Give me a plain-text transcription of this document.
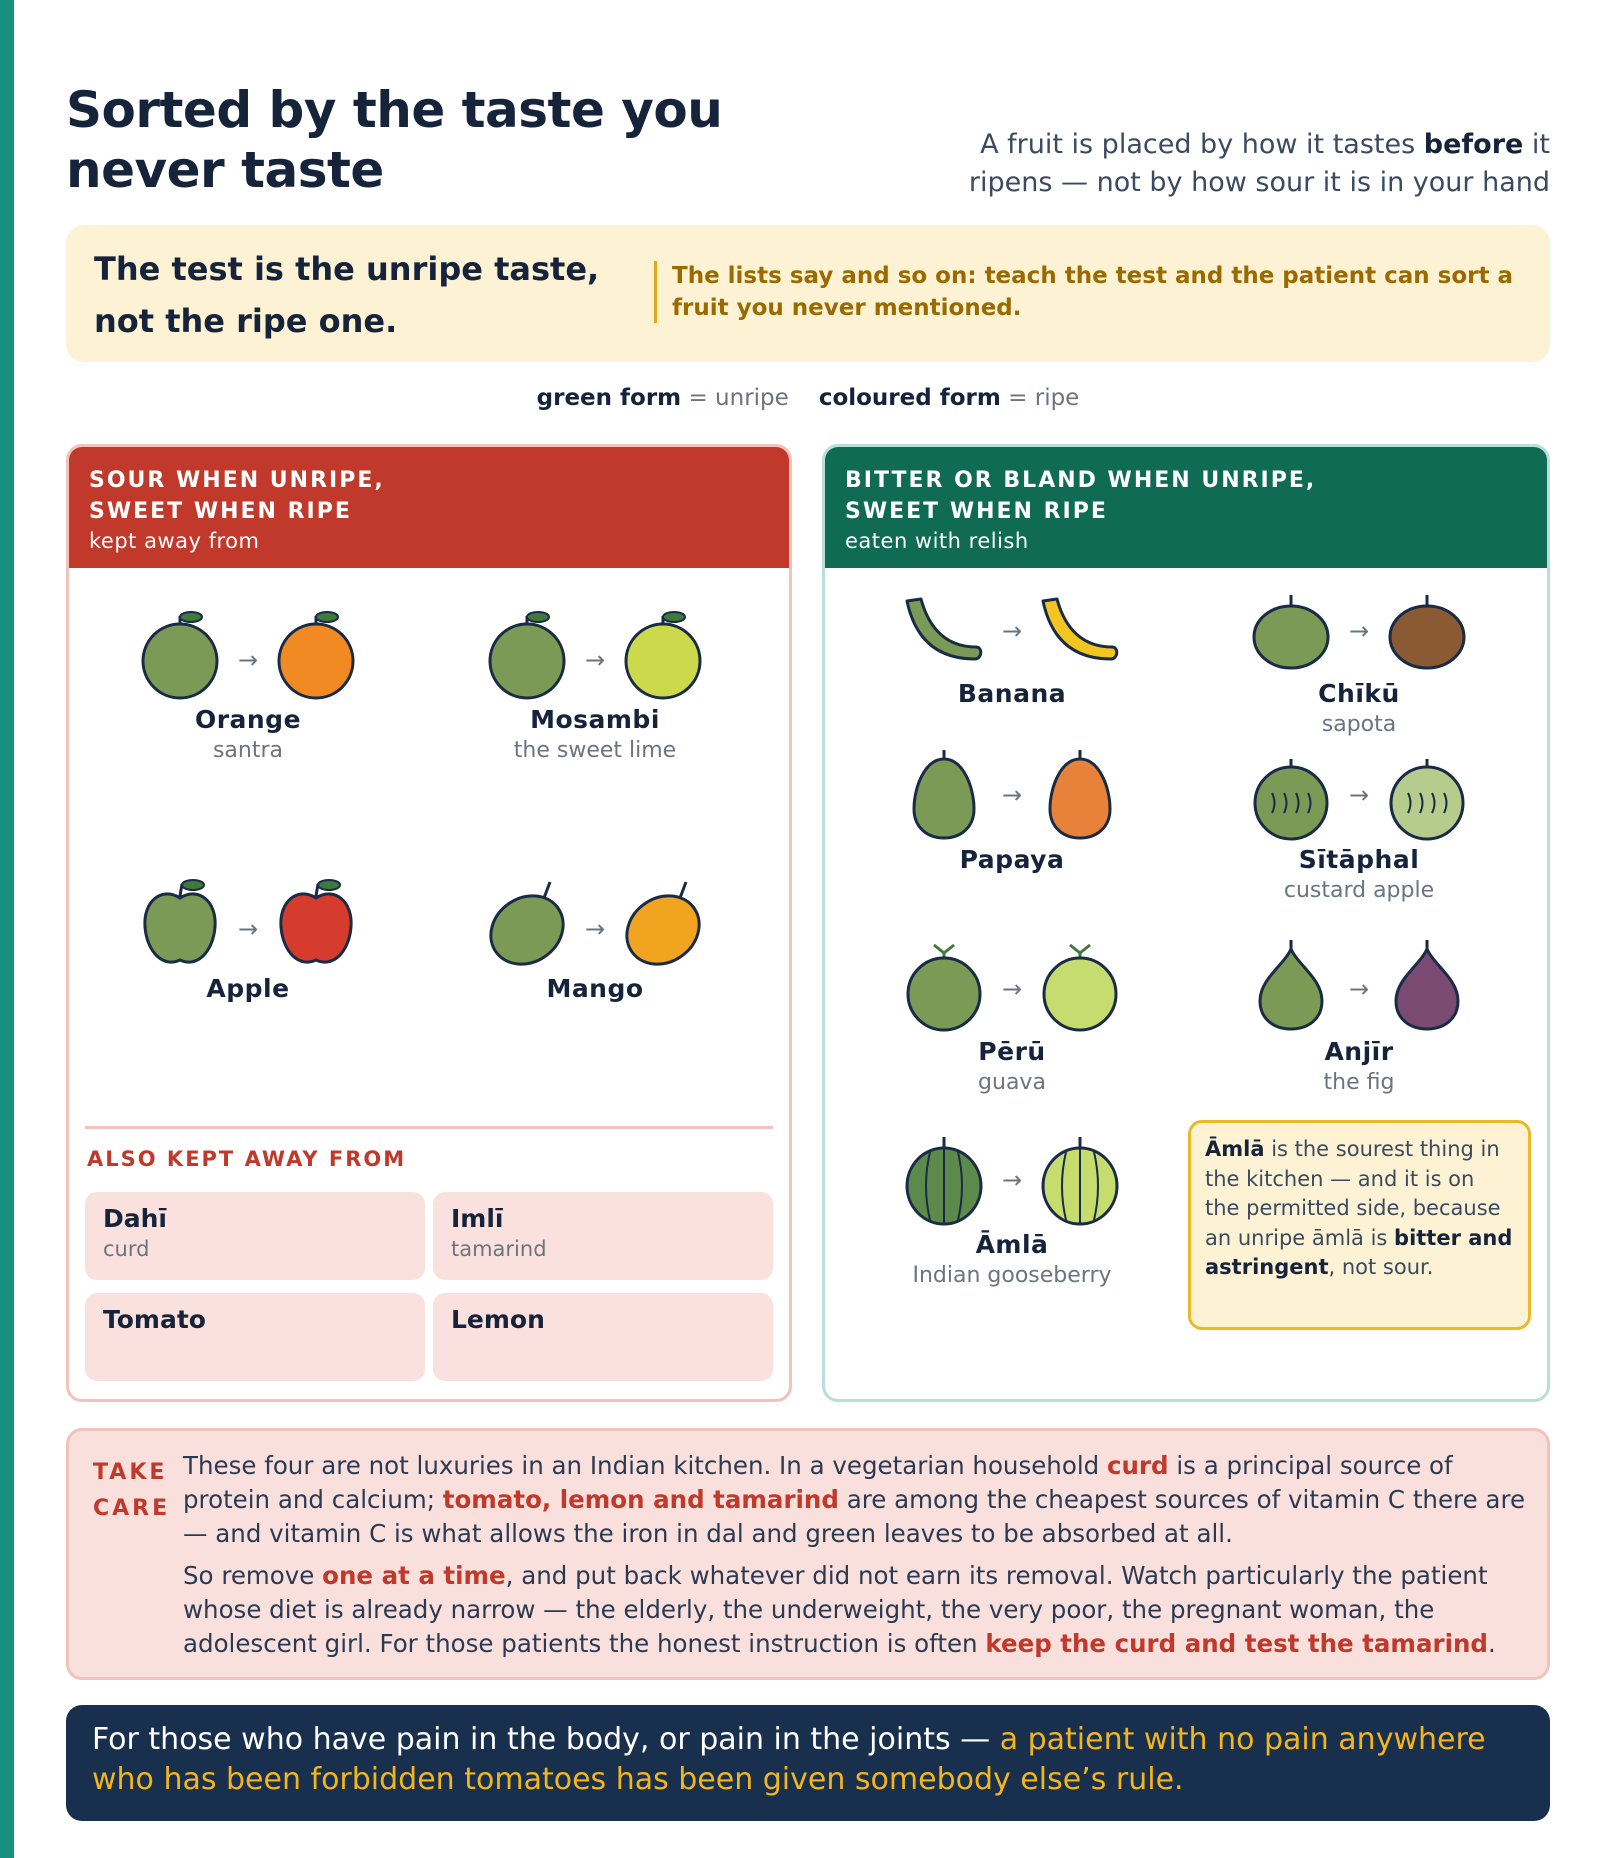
Sorted by the taste you never taste	A fruit is placed by how it tastes before it ripens — not by how sour it is in your hand

The test is the unripe taste, not the ripe one.
The lists say and so on: teach the test and the patient can sort a fruit you never mentioned.
green form = unripe coloured form = ripe
SOUR WHEN UNRIPE,
SWEET WHEN RIPE
kept away from
→
Orange
santra
→
Mosambi
the sweet lime
→
Apple
→
Mango
ALSO KEPT AWAY FROM
Dahī
curd
Imlī
tamarind
Tomato	Lemon
BITTER OR BLAND WHEN UNRIPE,
SWEET WHEN RIPE
eaten with relish
→
Banana
→
Chīkū
sapota
→
Papaya
→
Sītāphal
custard apple
→
Pērū
guava
→
Anjīr
the fig
→
Āmlā
Indian gooseberry
Āmlā is the sourest thing in the kitchen — and it is on the permitted side, because an unripe āmlā is bitter and astringent, not sour.
TAKE CARE

These four are not luxuries in an Indian kitchen. In a vegetarian household curd is a principal source of protein and calcium; tomato, lemon and tamarind are among the cheapest sources of vitamin C there are — and vitamin C is what allows the iron in dal and green leaves to be absorbed at all.

So remove one at a time, and put back whatever did not earn its removal. Watch particularly the patient whose diet is already narrow — the elderly, the underweight, the very poor, the pregnant woman, the adolescent girl. For those patients the honest instruction is often keep the curd and test the tamarind.

For those who have pain in the body, or pain in the joints — a patient with no pain anywhere who has been forbidden tomatoes has been given somebody else’s rule.
